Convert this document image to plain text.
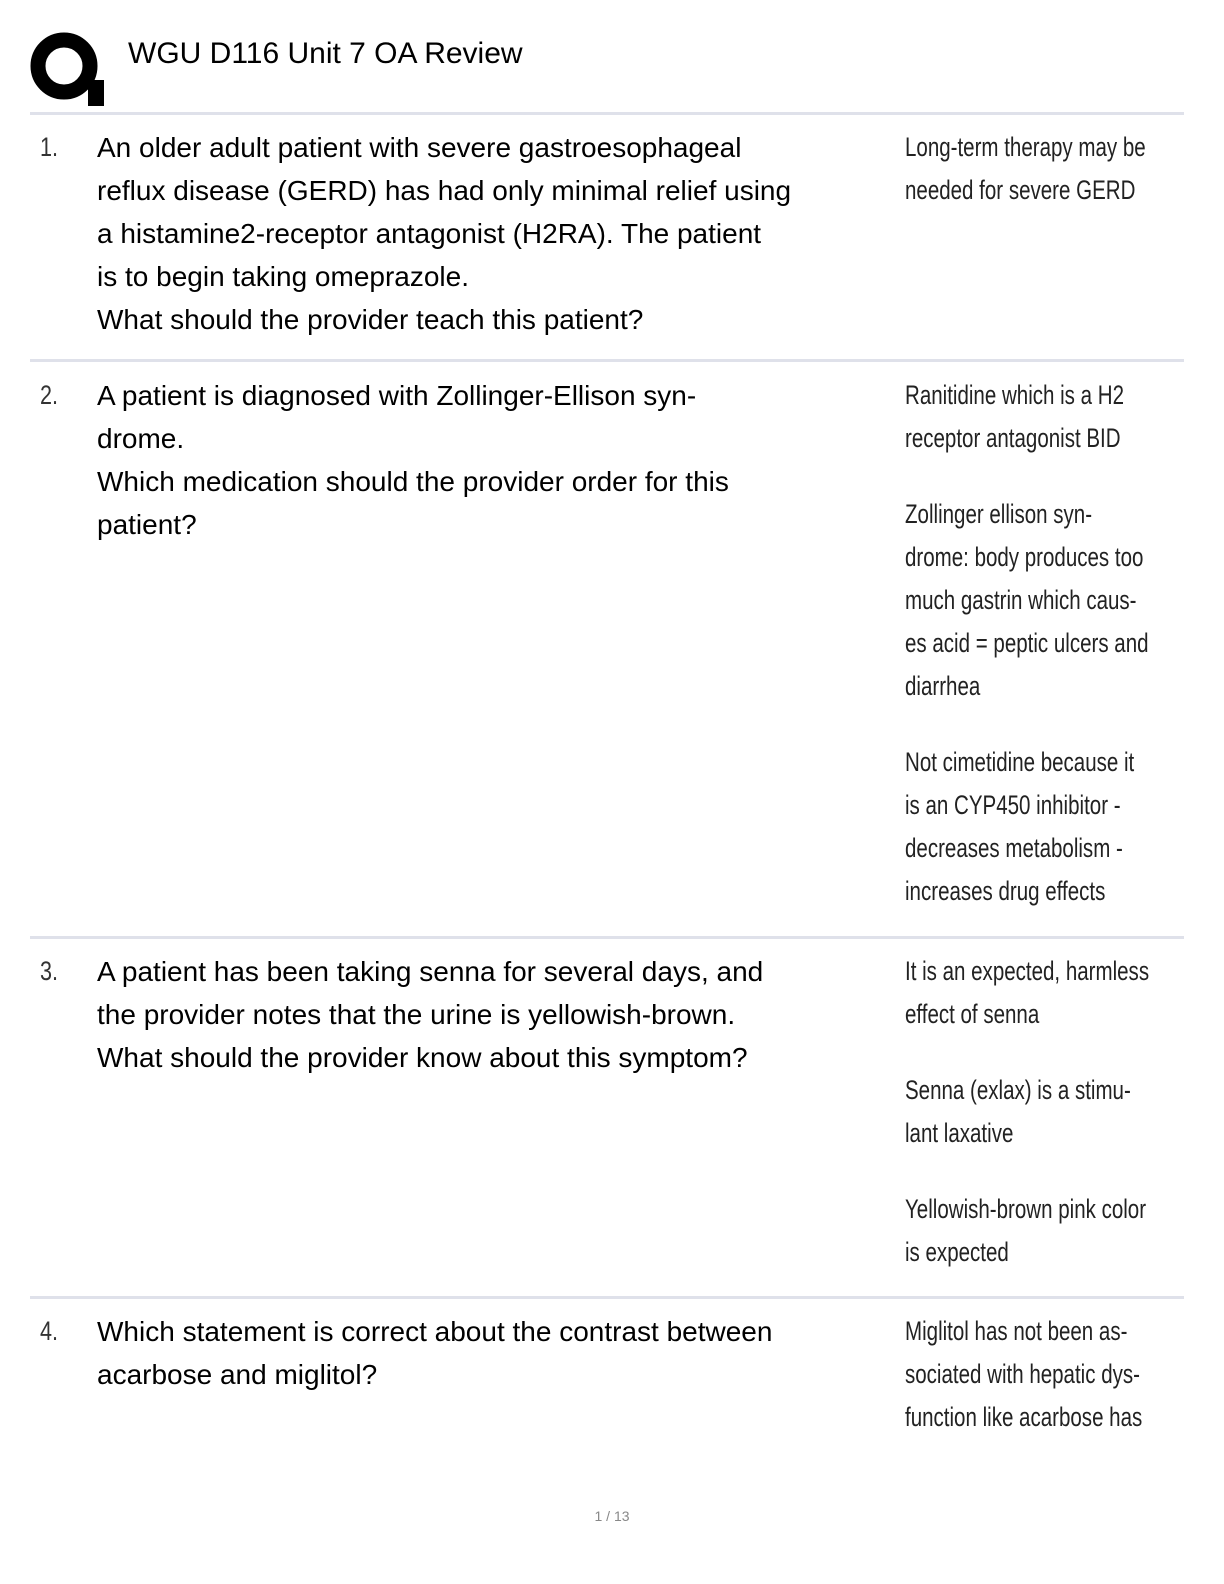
WGU D116 Unit 7 OA Review
1. An older adult patient with severe gastroesophageal
reflux disease (GERD) has had only minimal relief using
a histamine2-receptor antagonist (H2RA). The patient
is to begin taking omeprazole.
What should the provider teach this patient?
Long-term therapy may be
needed for severe GERD
2. A patient is diagnosed with Zollinger-Ellison syn-
drome.
Which medication should the provider order for this
patient?
Ranitidine which is a H2
receptor antagonist BID
Zollinger ellison syn-
drome: body produces too
much gastrin which caus-
es acid = peptic ulcers and
diarrhea
Not cimetidine because it
is an CYP450 inhibitor -
decreases metabolism -
increases drug effects
3. A patient has been taking senna for several days, and
the provider notes that the urine is yellowish-brown.
What should the provider know about this symptom?
It is an expected, harmless
effect of senna
Senna (exlax) is a stimu-
lant laxative
Yellowish-brown pink color
is expected
4. Which statement is correct about the contrast between
acarbose and miglitol?
Miglitol has not been as-
sociated with hepatic dys-
function like acarbose has
1 / 13
